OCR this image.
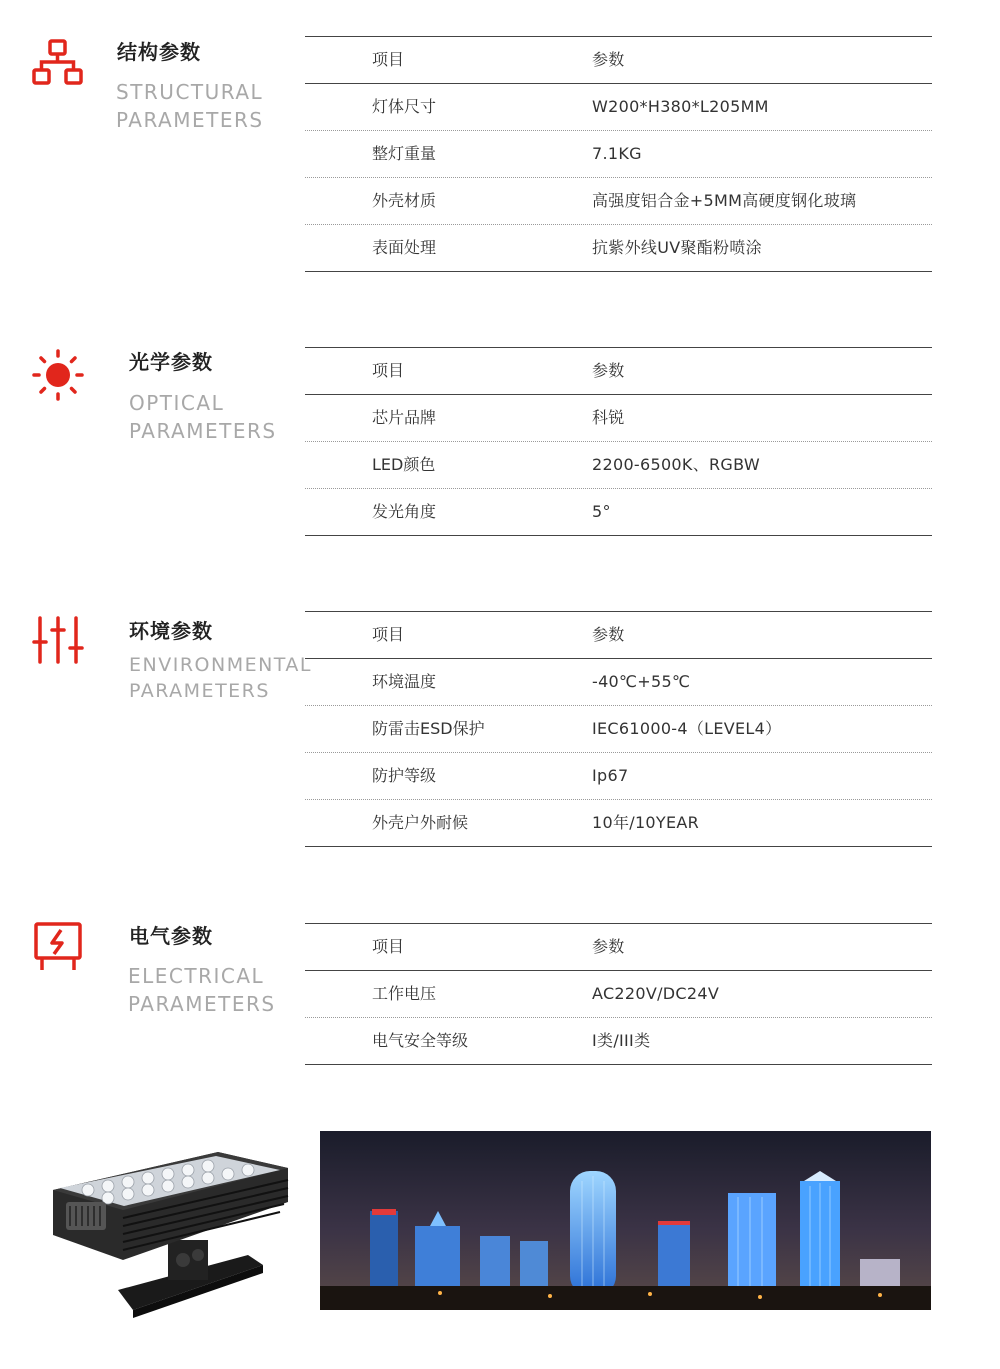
结构参数
STRUCTURAL
PARAMETERS
项目	参数
灯体尺寸	W200*H380*L205MM
整灯重量	7.1KG
外壳材质	高强度铝合金+5MM高硬度钢化玻璃
表面处理	抗紫外线UV聚酯粉喷涂
光学参数
OPTICAL
PARAMETERS
项目	参数
芯片品牌	科锐
LED颜色	2200-6500K、RGBW
发光角度	5°
环境参数
ENVIRONMENTAL
PARAMETERS
项目	参数
环境温度	-40℃+55℃
防雷击ESD保护	IEC61000-4（LEVEL4）
防护等级	Ip67
外壳户外耐候	10年/10YEAR
电气参数
ELECTRICAL
PARAMETERS
项目	参数
工作电压	AC220V/DC24V
电气安全等级	I类/III类
